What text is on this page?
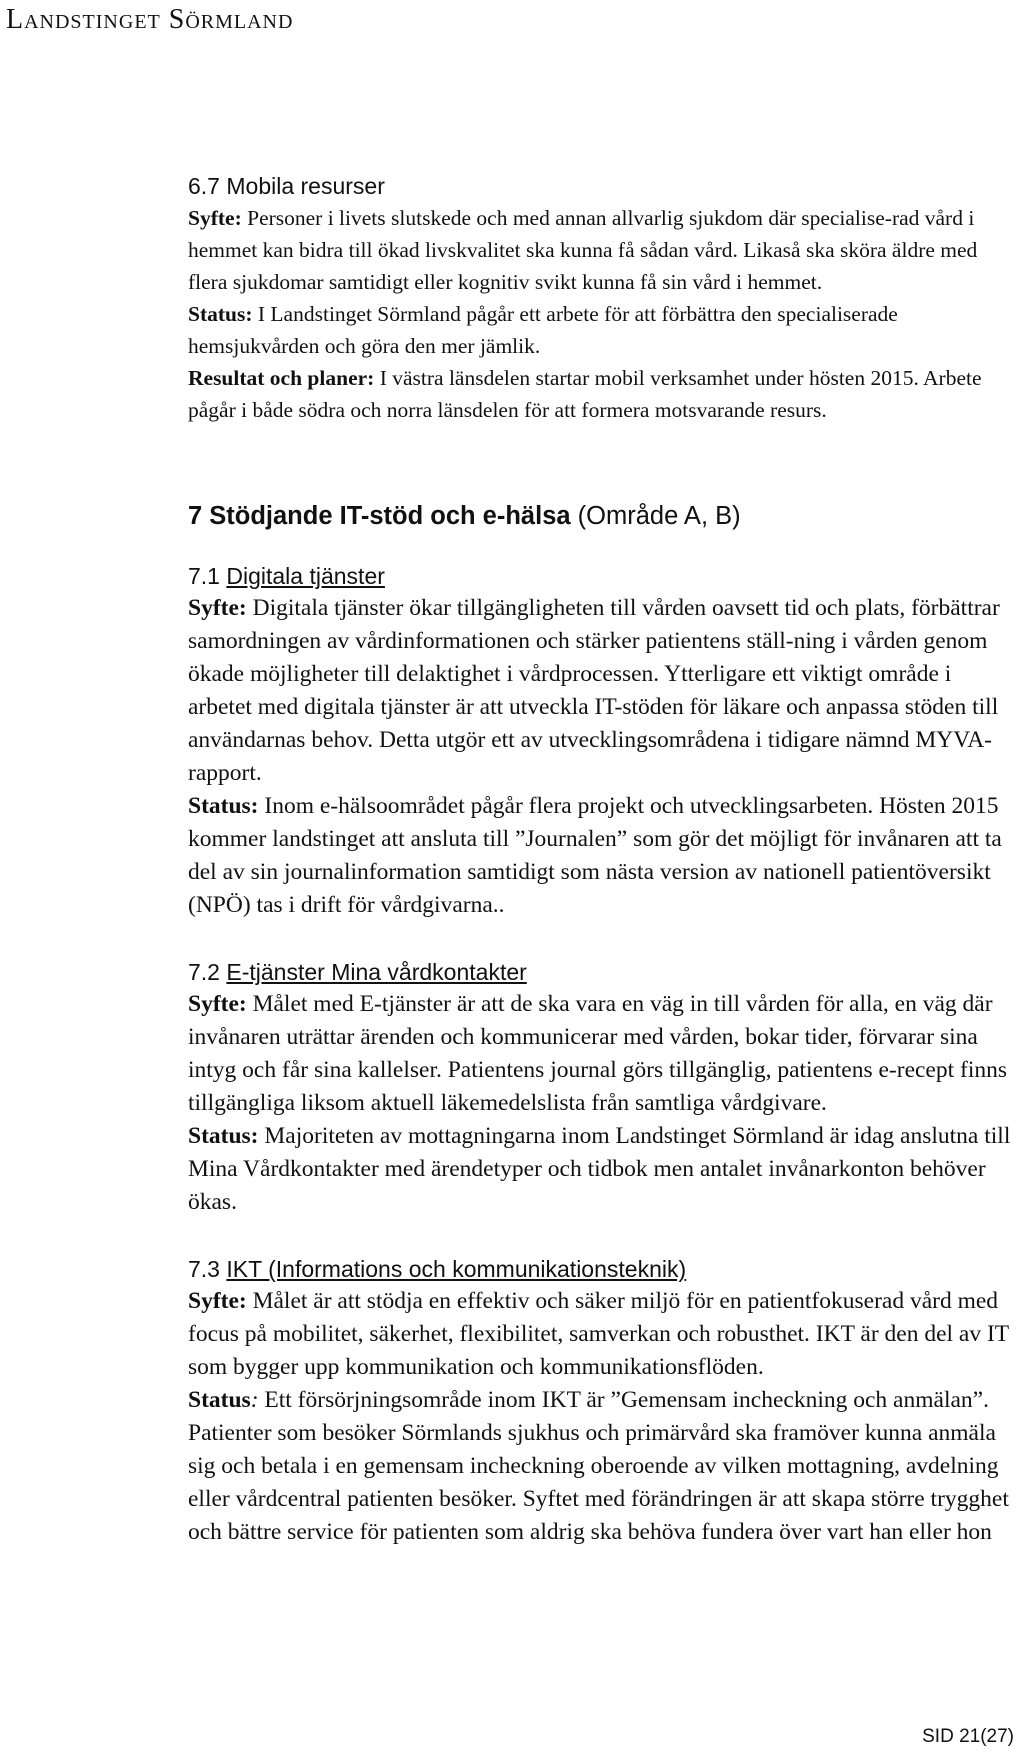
Landstinget Sörmland
6.7 Mobila resurser

Syfte: Personer i livets slutskede och med annan allvarlig sjukdom där specialise-rad vård i hemmet kan bidra till ökad livskvalitet ska kunna få sådan vård. Likaså ska sköra äldre med flera sjukdomar samtidigt eller kognitiv svikt kunna få sin vård i hemmet.

Status: I Landstinget Sörmland pågår ett arbete för att förbättra den specialiserade hemsjukvården och göra den mer jämlik.

Resultat och planer: I västra länsdelen startar mobil verksamhet under hösten 2015. Arbete pågår i både södra och norra länsdelen för att formera motsvarande resurs.

7 Stödjande IT-stöd och e-hälsa (Område A, B)
7.1 Digitala tjänster

Syfte: Digitala tjänster ökar tillgängligheten till vården oavsett tid och plats, förbättrar samordningen av vårdinformationen och stärker patientens ställ-ning i vården genom ökade möjligheter till delaktighet i vårdprocessen. Ytterligare ett viktigt område i arbetet med digitala tjänster är att utveckla IT-stöden för läkare och anpassa stöden till användarnas behov. Detta utgör ett av utvecklingsområdena i tidigare nämnd MYVA-rapport.

Status: Inom e-hälsoområdet pågår flera projekt och utvecklingsarbeten. Hösten 2015 kommer landstinget att ansluta till ”Journalen” som gör det möjligt för invånaren att ta del av sin journalinformation samtidigt som nästa version av nationell patientöversikt (NPÖ) tas i drift för vårdgivarna..

7.2 E-tjänster Mina vårdkontakter

Syfte: Målet med E-tjänster är att de ska vara en väg in till vården för alla, en väg där invånaren uträttar ärenden och kommunicerar med vården, bokar tider, förvarar sina intyg och får sina kallelser. Patientens journal görs tillgänglig, patientens e-recept finns tillgängliga liksom aktuell läkemedelslista från samtliga vårdgivare.

Status: Majoriteten av mottagningarna inom Landstinget Sörmland är idag anslutna till Mina Vårdkontakter med ärendetyper och tidbok men antalet invånarkonton behöver ökas.

7.3 IKT (Informations och kommunikationsteknik)

Syfte: Målet är att stödja en effektiv och säker miljö för en patientfokuserad vård med focus på mobilitet, säkerhet, flexibilitet, samverkan och robusthet. IKT är den del av IT som bygger upp kommunikation och kommunikationsflöden.

Status: Ett försörjningsområde inom IKT är ”Gemensam incheckning och anmälan”. Patienter som besöker Sörmlands sjukhus och primärvård ska framöver kunna anmäla sig och betala i en gemensam incheckning oberoende av vilken mottagning, avdelning eller vårdcentral patienten besöker. Syftet med förändringen är att skapa större trygghet och bättre service för patienten som aldrig ska behöva fundera över vart han eller hon

SID 21(27)
